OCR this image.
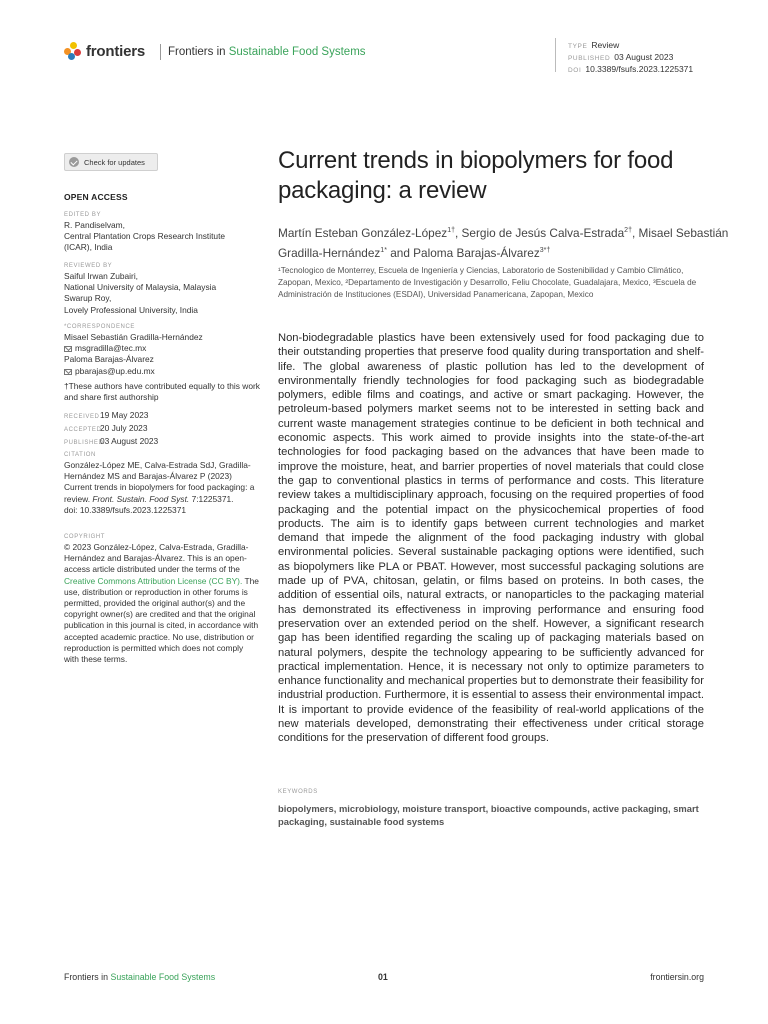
frontiers Frontiers in Sustainable Food Systems	TYPE Review
PUBLISHED 03 August 2023
DOI 10.3389/fsufs.2023.1225371
Check for updates
OPEN ACCESS
EDITED BY
R. Pandiselvam,
Central Plantation Crops Research Institute
(ICAR), India
REVIEWED BY
Saiful Irwan Zubairi,
National University of Malaysia, Malaysia
Swarup Roy,
Lovely Professional University, India
*CORRESPONDENCE
Misael Sebastián Gradilla-Hernández
msgradilla@tec.mx
Paloma Barajas-Álvarez
pbarajas@up.edu.mx
†These authors have contributed equally to this work and share first authorship
RECEIVED19 May 2023
ACCEPTED20 July 2023
PUBLISHED03 August 2023
CITATION
González-López ME, Calva-Estrada SdJ, Gradilla-Hernández MS and Barajas-Álvarez P (2023) Current trends in biopolymers for food packaging: a review. Front. Sustain. Food Syst. 7:1225371.
doi: 10.3389/fsufs.2023.1225371
COPYRIGHT
© 2023 González-López, Calva-Estrada, Gradilla-Hernández and Barajas-Álvarez. This is an open-access article distributed under the terms of the Creative Commons Attribution License (CC BY). The use, distribution or reproduction in other forums is permitted, provided the original author(s) and the copyright owner(s) are credited and that the original publication in this journal is cited, in accordance with accepted academic practice. No use, distribution or reproduction is permitted which does not comply with these terms.
Current trends in biopolymers for food packaging: a review
Martín Esteban González-López$^{1\dagger}$, Sergio de Jesús Calva-Estrada$^{2\dagger}$, Misael Sebastián Gradilla-Hernández$^{1*}$ and Paloma Barajas-Álvarez$^{3*\dagger}$
¹Tecnologico de Monterrey, Escuela de Ingeniería y Ciencias, Laboratorio de Sostenibilidad y Cambio Climático, Zapopan, Mexico, ²Departamento de Investigación y Desarrollo, Feliu Chocolate, Guadalajara, Mexico, ³Escuela de Administración de Instituciones (ESDAI), Universidad Panamericana, Zapopan, Mexico
Non-biodegradable plastics have been extensively used for food packaging due to their outstanding properties that preserve food quality during transportation and shelf-life. The global awareness of plastic pollution has led to the development of environmentally friendly technologies for food packaging such as biodegradable polymers, edible films and coatings, and active or smart packaging. However, the petroleum-based polymers market seems not to be interested in setting back and current waste management strategies continue to be deficient in both technical and economic aspects. This work aimed to provide insights into the state-of-the-art technologies for food packaging based on the advances that have been made to improve the moisture, heat, and barrier properties of novel materials that could close the gap to conventional plastics in terms of performance and costs. This literature review takes a multidisciplinary approach, focusing on the required properties of food packaging and the potential impact on the physicochemical properties of food products. The aim is to identify gaps between current technologies and market demand that impede the alignment of the food packaging industry with global environmental policies. Several sustainable packaging options were identified, such as biopolymers like PLA or PBAT. However, most successful packaging solutions are made up of PVA, chitosan, gelatin, or films based on proteins. In both cases, the addition of essential oils, natural extracts, or nanoparticles to the packaging material has demonstrated its effectiveness in improving performance and ensuring food preservation over an extended period on the shelf. However, a significant research gap has been identified regarding the scaling up of packaging materials based on natural polymers, despite the technology appearing to be sufficiently advanced for practical implementation. Hence, it is necessary not only to optimize parameters to enhance functionality and mechanical properties but to demonstrate their feasibility for industrial production. Furthermore, it is essential to assess their environmental impact. It is important to provide evidence of the feasibility of real-world applications of the new materials developed, demonstrating their effectiveness under critical storage conditions for the preservation of different food groups.
KEYWORDS
biopolymers, microbiology, moisture transport, bioactive compounds, active packaging, smart packaging, sustainable food systems
Frontiers in Sustainable Food Systems	01	frontiersin.org
